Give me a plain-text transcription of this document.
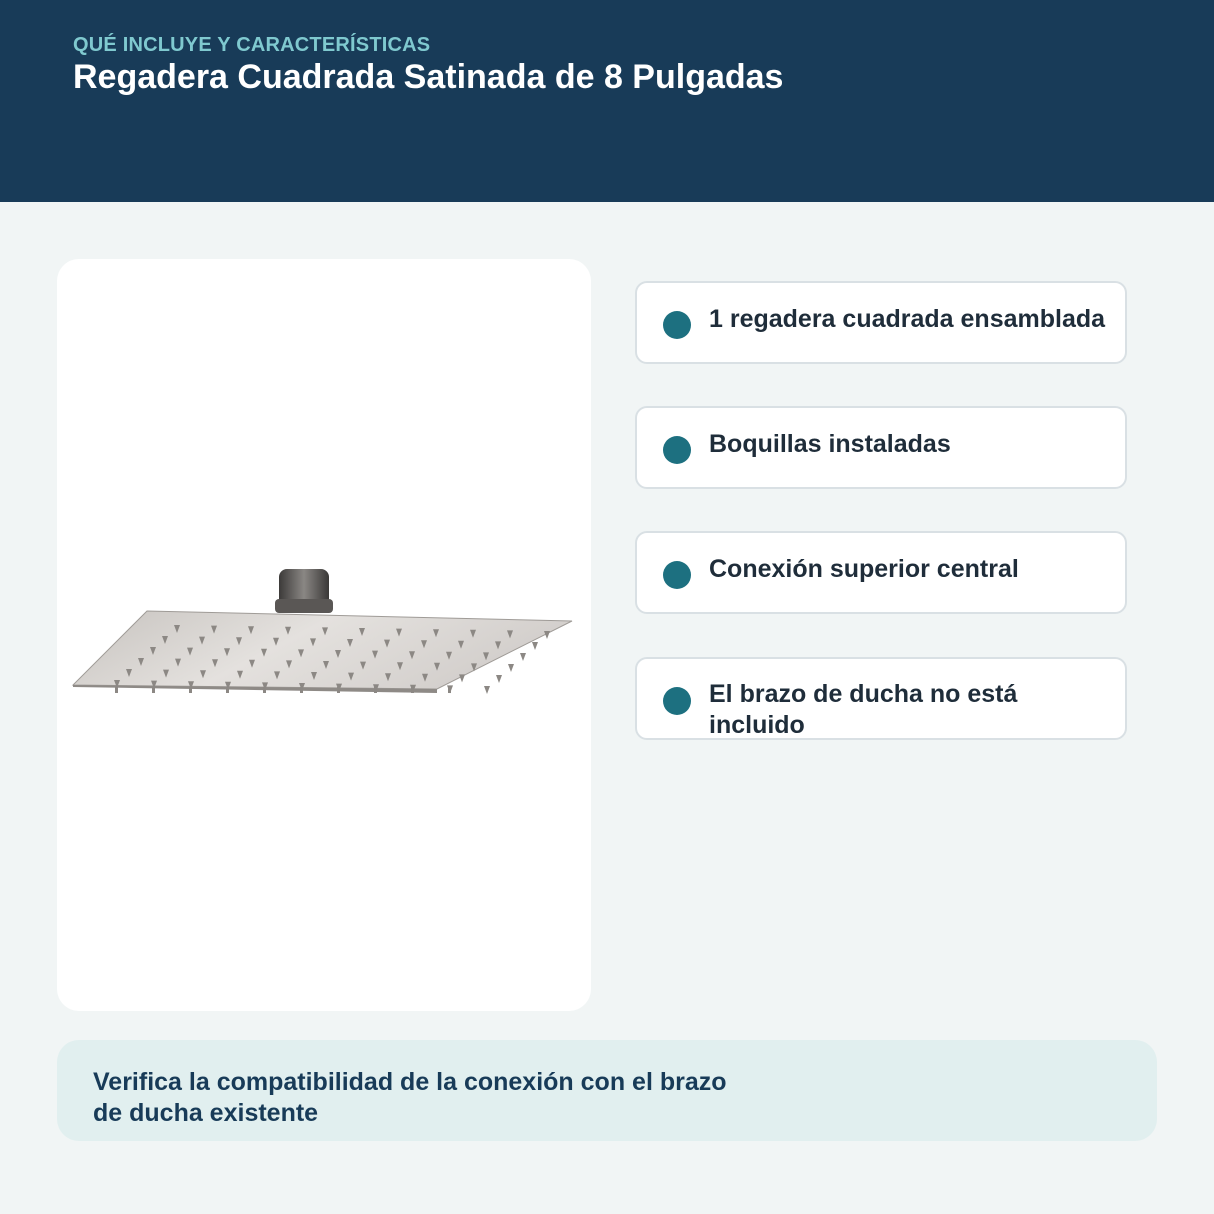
QUÉ INCLUYE Y CARACTERÍSTICAS
Regadera Cuadrada Satinada de 8 Pulgadas
1 regadera cuadrada ensamblada
Boquillas instaladas
Conexión superior central
El brazo de ducha no está incluido
Verifica la compatibilidad de la conexión con el brazo de ducha existente
